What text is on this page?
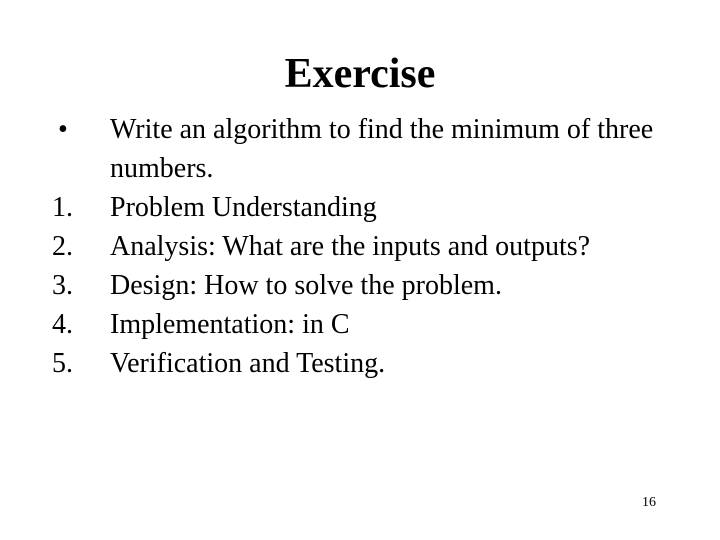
Exercise
•	Write an algorithm to find the minimum of three numbers.
1.	Problem Understanding
2.	Analysis: What are the inputs and outputs?
3.	Design: How to solve the problem.
4.	Implementation: in C
5.	Verification and Testing.
16
